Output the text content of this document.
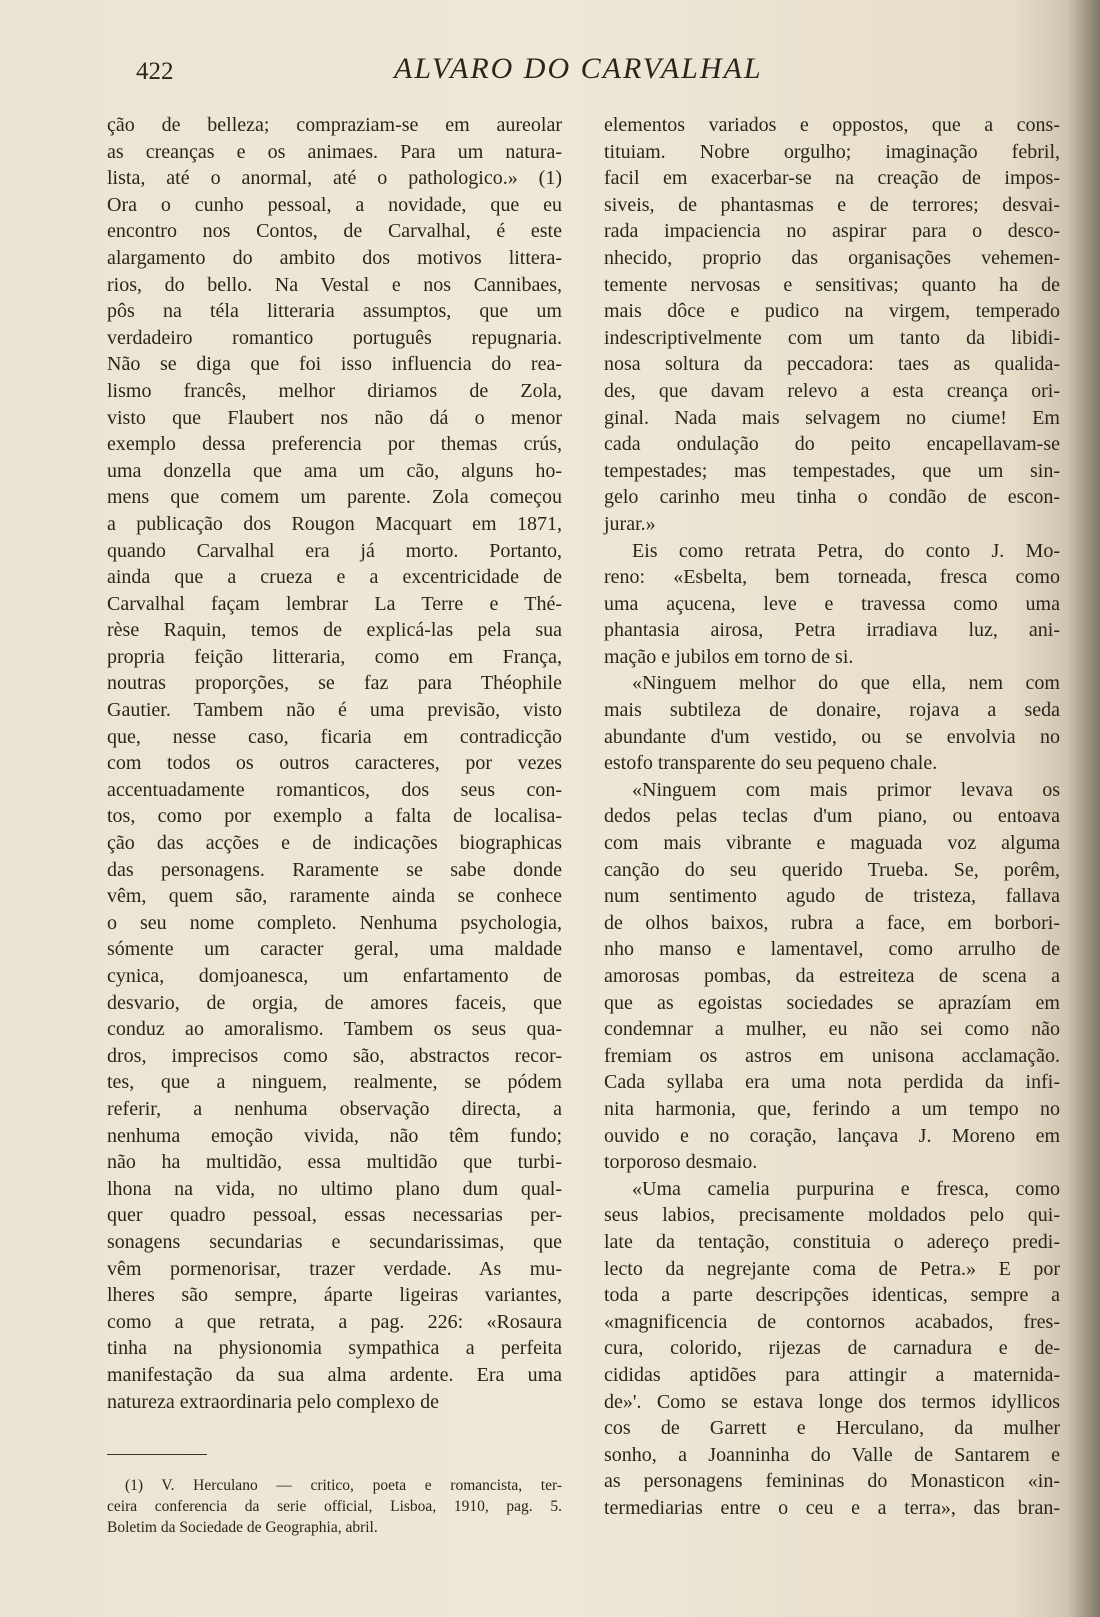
422	ALVARO DO CARVALHAL
ção de belleza; compraziam-se em aureolar
as creanças e os animaes. Para um natura-
lista, até o anormal, até o pathologico.» (1)
Ora o cunho pessoal, a novidade, que eu
encontro nos Contos, de Carvalhal, é este
alargamento do ambito dos motivos littera-
rios, do bello. Na Vestal e nos Cannibaes,
pôs na téla litteraria assumptos, que um
verdadeiro romantico português repugnaria.
Não se diga que foi isso influencia do rea-
lismo francês, melhor diriamos de Zola,
visto que Flaubert nos não dá o menor
exemplo dessa preferencia por themas crús,
uma donzella que ama um cão, alguns ho-
mens que comem um parente. Zola começou
a publicação dos Rougon Macquart em 1871,
quando Carvalhal era já morto. Portanto,
ainda que a crueza e a excentricidade de
Carvalhal façam lembrar La Terre e Thé-
rèse Raquin, temos de explicá-las pela sua
propria feição litteraria, como em França,
noutras proporções, se faz para Théophile
Gautier. Tambem não é uma previsão, visto
que, nesse caso, ficaria em contradicção
com todos os outros caracteres, por vezes
accentuadamente romanticos, dos seus con-
tos, como por exemplo a falta de localisa-
ção das acções e de indicações biographicas
das personagens. Raramente se sabe donde
vêm, quem são, raramente ainda se conhece
o seu nome completo. Nenhuma psychologia,
sómente um caracter geral, uma maldade
cynica, domjoanesca, um enfartamento de
desvario, de orgia, de amores faceis, que
conduz ao amoralismo. Tambem os seus qua-
dros, imprecisos como são, abstractos recor-
tes, que a ninguem, realmente, se pódem
referir, a nenhuma observação directa, a
nenhuma emoção vivida, não têm fundo;
não ha multidão, essa multidão que turbi-
lhona na vida, no ultimo plano dum qual-
quer quadro pessoal, essas necessarias per-
sonagens secundarias e secundarissimas, que
vêm pormenorisar, trazer verdade. As mu-
lheres são sempre, áparte ligeiras variantes,
como a que retrata, a pag. 226: «Rosaura
tinha na physionomia sympathica a perfeita
manifestação da sua alma ardente. Era uma
natureza extraordinaria pelo complexo de
elementos variados e oppostos, que a cons-
tituiam. Nobre orgulho; imaginação febril,
facil em exacerbar-se na creação de impos-
siveis, de phantasmas e de terrores; desvai-
rada impaciencia no aspirar para o desco-
nhecido, proprio das organisações vehemen-
temente nervosas e sensitivas; quanto ha de
mais dôce e pudico na virgem, temperado
indescriptivelmente com um tanto da libidi-
nosa soltura da peccadora: taes as qualida-
des, que davam relevo a esta creança ori-
ginal. Nada mais selvagem no ciume! Em
cada ondulação do peito encapellavam-se
tempestades; mas tempestades, que um sin-
gelo carinho meu tinha o condão de escon-
jurar.»
Eis como retrata Petra, do conto J. Mo-
reno: «Esbelta, bem torneada, fresca como
uma açucena, leve e travessa como uma
phantasia airosa, Petra irradiava luz, ani-
mação e jubilos em torno de si.
«Ninguem melhor do que ella, nem com
mais subtileza de donaire, rojava a seda
abundante d'um vestido, ou se envolvia no
estofo transparente do seu pequeno chale.
«Ninguem com mais primor levava os
dedos pelas teclas d'um piano, ou entoava
com mais vibrante e maguada voz alguma
canção do seu querido Trueba. Se, porêm,
num sentimento agudo de tristeza, fallava
de olhos baixos, rubra a face, em borbori-
nho manso e lamentavel, como arrulho de
amorosas pombas, da estreiteza de scena a
que as egoistas sociedades se aprazíam em
condemnar a mulher, eu não sei como não
fremiam os astros em unisona acclamação.
Cada syllaba era uma nota perdida da infi-
nita harmonia, que, ferindo a um tempo no
ouvido e no coração, lançava J. Moreno em
torporoso desmaio.
«Uma camelia purpurina e fresca, como
seus labios, precisamente moldados pelo qui-
late da tentação, constituia o adereço predi-
lecto da negrejante coma de Petra.» E por
toda a parte descripções identicas, sempre a
«magnificencia de contornos acabados, fres-
cura, colorido, rijezas de carnadura e de-
cididas aptidões para attingir a maternida-
de»'. Como se estava longe dos termos idyllicos
cos de Garrett e Herculano, da mulher
sonho, a Joanninha do Valle de Santarem e
as personagens femininas do Monasticon «in-
termediarias entre o ceu e a terra», das bran-
(1) V. Herculano — critico, poeta e romancista, ter-
ceira conferencia da serie official, Lisboa, 1910, pag. 5.
Boletim da Sociedade de Geographia, abril.
